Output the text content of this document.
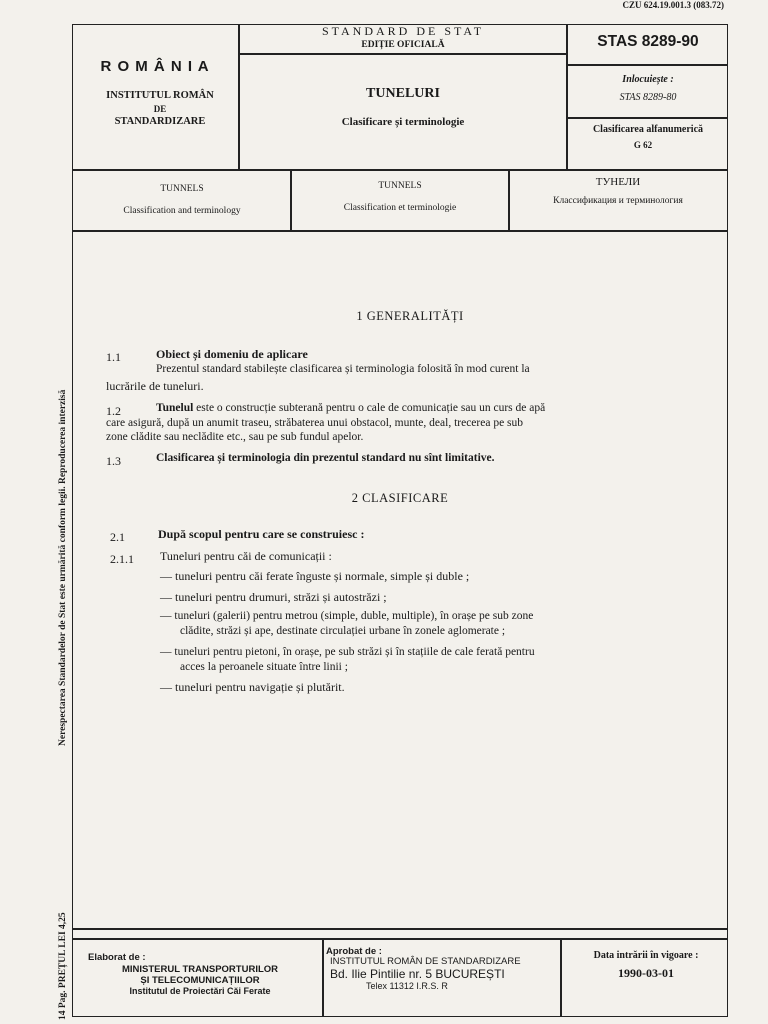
CZU 624.19.001.3 (083.72)
R O M Â N I A
INSTITUTUL ROMÂN
DE
STANDARDIZARE
STANDARD DE STAT
EDIȚIE OFICIALĂ
TUNELURI
Clasificare și terminologie
STAS 8289-90
Inlocuiește :
STAS 8289-80
Clasificarea alfanumerică
G 62
TUNNELS
Classification and terminology
TUNNELS
Classification et terminologie
ТУНЕЛИ
Классификация и терминология
Nerespectarea Standardelor de Stat este urmărită conform legii. Reproducerea interzisă
14 Pag. PREȚUL LEI 4,25
1 GENERALITĂȚI
1.1	Obiect și domeniu de aplicare
Prezentul standard stabilește clasificarea și terminologia folosită în mod curent la
lucrările de tuneluri.
1.2	Tunelul este o construcție subterană pentru o cale de comunicație sau un curs de apă
care asigură, după un anumit traseu, străbaterea unui obstacol, munte, deal, trecerea pe sub
zone clădite sau neclădite etc., sau pe sub fundul apelor.
1.3	Clasificarea și terminologia din prezentul standard nu sînt limitative.
2 CLASIFICARE
2.1	După scopul pentru care se construiesc :
2.1.1 Tuneluri pentru căi de comunicații :
— tuneluri pentru căi ferate înguste și normale, simple și duble ;
— tuneluri pentru drumuri, străzi și autostrăzi ;
— tuneluri (galerii) pentru metrou (simple, duble, multiple), în orașe pe sub zone
clădite, străzi și ape, destinate circulației urbane în zonele aglomerate ;
— tuneluri pentru pietoni, în orașe, pe sub străzi și în stațiile de cale ferată pentru
acces la peroanele situate între linii ;
— tuneluri pentru navigație și plutărit.
Elaborat de :
MINISTERUL TRANSPORTURILOR
ȘI TELECOMUNICAȚIILOR
Institutul de Proiectări Căi Ferate
Aprobat de :
INSTITUTUL ROMÂN DE STANDARDIZARE
Bd. Ilie Pintilie nr. 5 BUCUREȘTI
Telex 11312 I.R.S. R
Data intrării în vigoare :
1990-03-01
